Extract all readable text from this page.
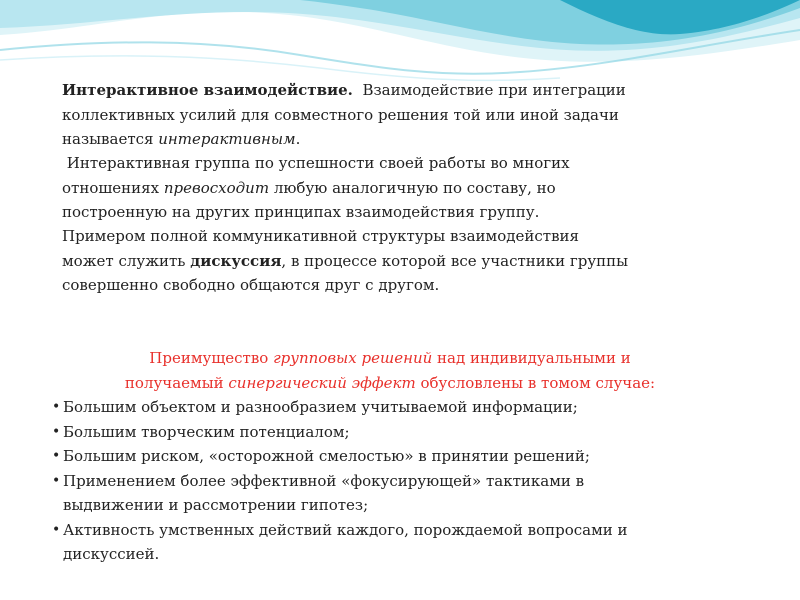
Интерактивное взаимодействие. Взаимодействие при интеграции
коллективных усилий для совместного решения той или иной задачи
называется интерактивным.
Интерактивная группа по успешности своей работы во многих
отношениях превосходит любую аналогичную по составу, но
построенную на других принципах взаимодействия группу.
Примером полной коммуникативной структуры взаимодействия
может служить дискуссия, в процессе которой все участники группы
совершенно свободно общаются друг с другом.
Преимущество групповых решений над индивидуальными и
получаемый синергический эффект обусловлены в томом случае:
• Большим объектом и разнообразием учитываемой информации;
• Большим творческим потенциалом;
• Большим риском, «осторожной смелостью» в принятии решений;
• Применением более эффективной «фокусирующей» тактиками в
выдвижении и рассмотрении гипотез;
• Активность умственных действий каждого, порождаемой вопросами и
дискуссией.
